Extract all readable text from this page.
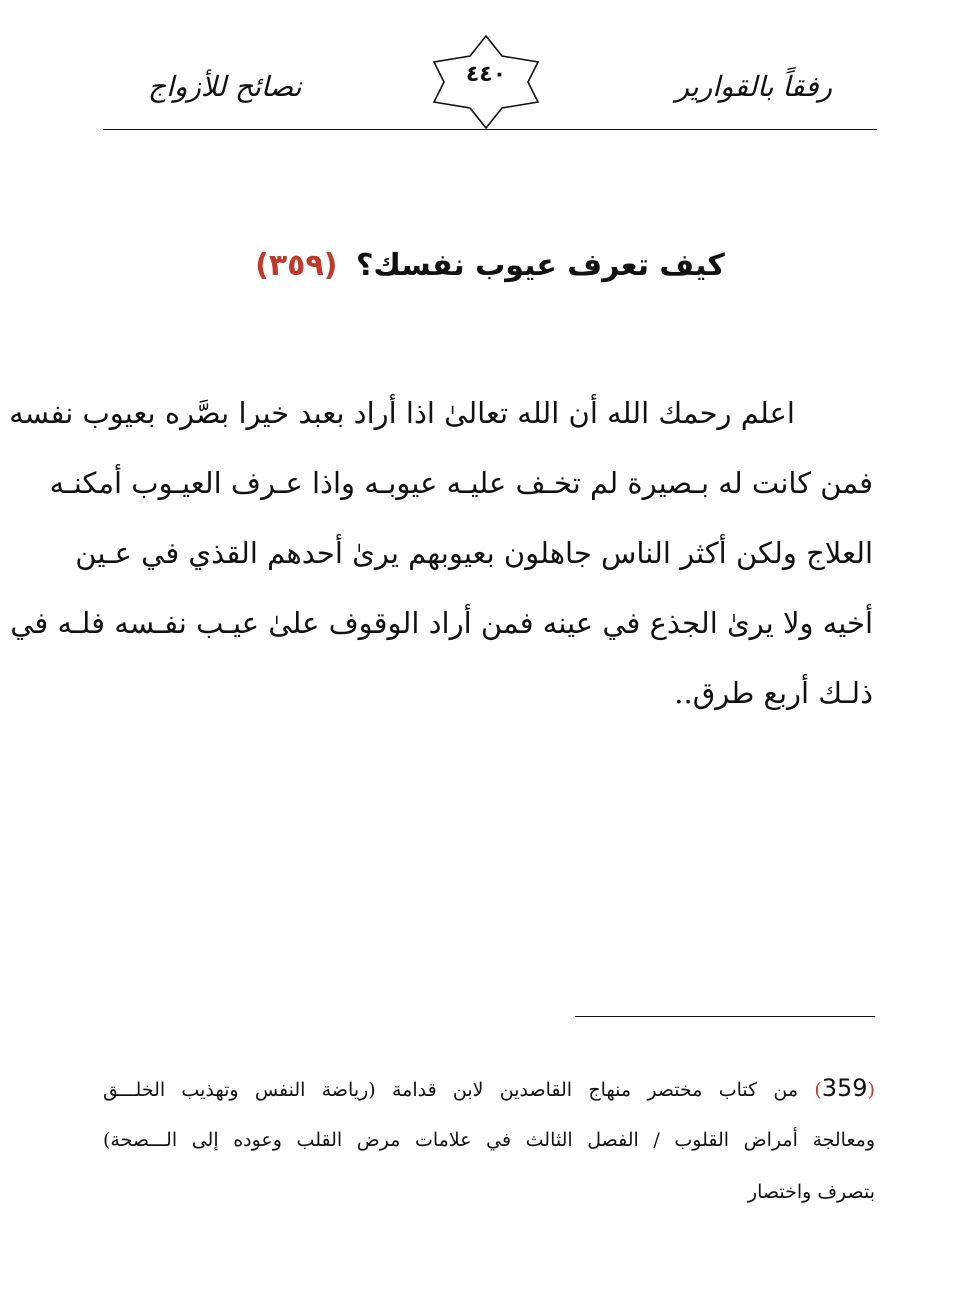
نصائح للأزواج	٤٤٠	رفقاً بالقوارير
كيف تعرف عيوب نفسك؟ (٣٥٩)
اعلم رحمك الله أن الله تعالىٰ اذا أراد بعبد خيرا بصَّره بعيوب نفسه
فمن كانت له بـصيرة لم تخـف عليـه عيوبـه واذا عـرف العيـوب أمكنـه
العلاج ولكن أكثر الناس جاهلون بعيوبهم يرىٰ أحدهم القذي في عـين
أخيه ولا يرىٰ الجذع في عينه فمن أراد الوقوف علىٰ عيـب نفـسه فلـه في
ذلـك أربع طرق..
(359) من كتاب مختصر منهاج القاصدين لابن قدامة (رياضة النفس وتهذيب الخلـــق
ومعالجة أمراض القلوب / الفصل الثالث في علامات مرض القلب وعوده إلى الـــصحة)
بتصرف واختصار
